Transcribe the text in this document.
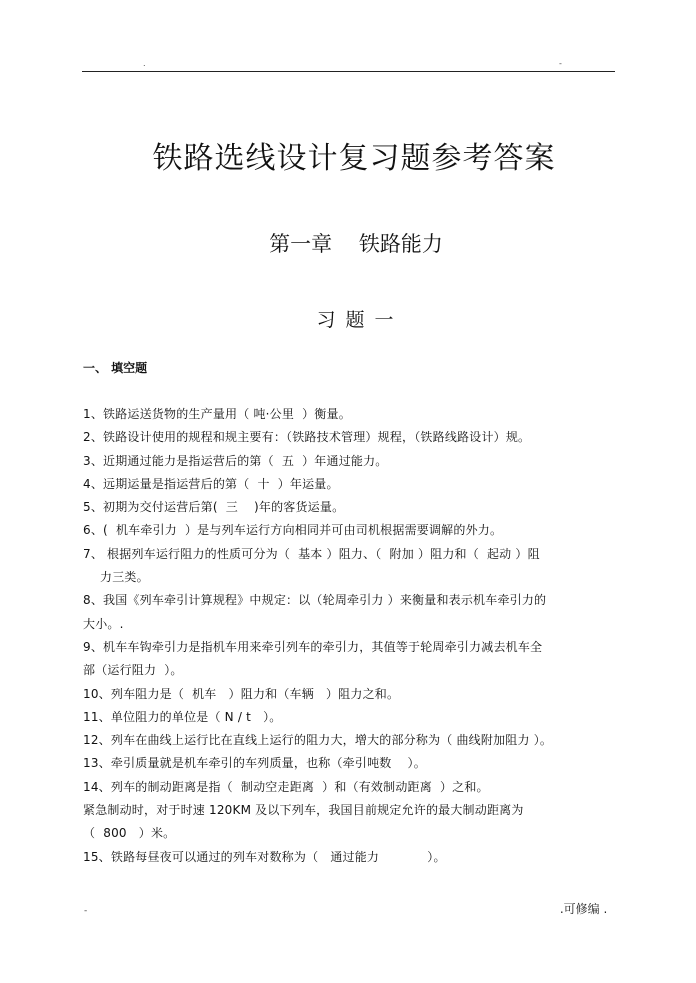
.	-
铁路选线设计复习题参考答案
第一章    铁路能力
习 题 一
一、 填空题
1、铁路运送货物的生产量用（ 吨·公里  ）衡量。
2、铁路设计使用的规程和规主要有：（铁路技术管理）规程，（铁路线路设计）规。
3、近期通过能力是指运营后的第（  五  ）年通过能力。
4、远期运量是指运营后的第（  十  ）年运量。
5、初期为交付运营后第(  三    )年的客货运量。
6、(  机车牵引力  ）是与列车运行方向相同并可由司机根据需要调解的外力。
7、 根据列车运行阻力的性质可分为（  基本 ）阻力、（  附加 ）阻力和（  起动 ）阻
力三类。
8、我国《列车牵引计算规程》中规定：以（轮周牵引力 ）来衡量和表示机车牵引力的
大小。.
9、机车车钩牵引力是指机车用来牵引列车的牵引力，其值等于轮周牵引力减去机车全
部（运行阻力  ）。
10、列车阻力是（  机车   ）阻力和（车辆   ）阻力之和。
11、单位阻力的单位是（ N / t   ）。
12、列车在曲线上运行比在直线上运行的阻力大，增大的部分称为（ 曲线附加阻力 ）。
13、牵引质量就是机车牵引的车列质量，也称（牵引吨数    ）。
14、列车的制动距离是指（  制动空走距离  ）和（有效制动距离  ）之和。
紧急制动时，对于时速 120KM 及以下列车，我国目前规定允许的最大制动距离为
（  800   ）米。
15、铁路每昼夜可以通过的列车对数称为（   通过能力            ）。
-	.可修编 .
